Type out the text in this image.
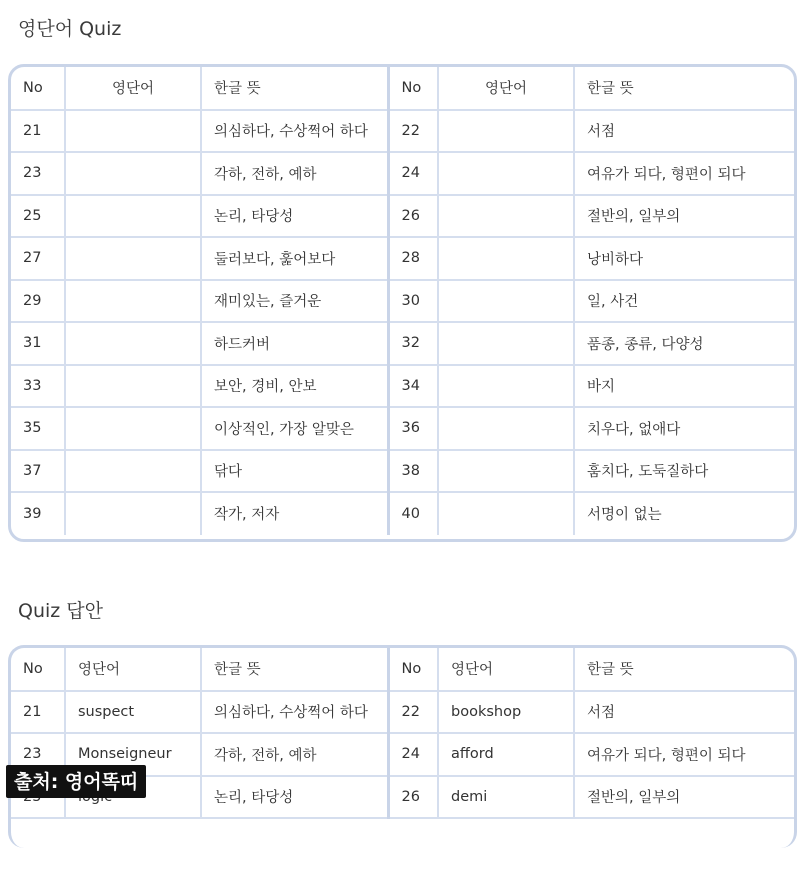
영단어 Quiz
No	영단어	한글 뜻	No	영단어	한글 뜻
21		의심하다, 수상쩍어 하다	22		서점
23		각하, 전하, 예하	24		여유가 되다, 형편이 되다
25		논리, 타당성	26		절반의, 일부의
27		둘러보다, 훑어보다	28		낭비하다
29		재미있는, 즐거운	30		일, 사건
31		하드커버	32		품종, 종류, 다양성
33		보안, 경비, 안보	34		바지
35		이상적인, 가장 알맞은	36		치우다, 없애다
37		닦다	38		훔치다, 도둑질하다
39		작가, 저자	40		서명이 없는
Quiz 답안
No	영단어	한글 뜻	No	영단어	한글 뜻
21	suspect	의심하다, 수상쩍어 하다	22	bookshop	서점
23	Monseigneur	각하, 전하, 예하	24	afford	여유가 되다, 형편이 되다
		논리, 타당성	26	demi	절반의, 일부의
출처: 영어똑띠
